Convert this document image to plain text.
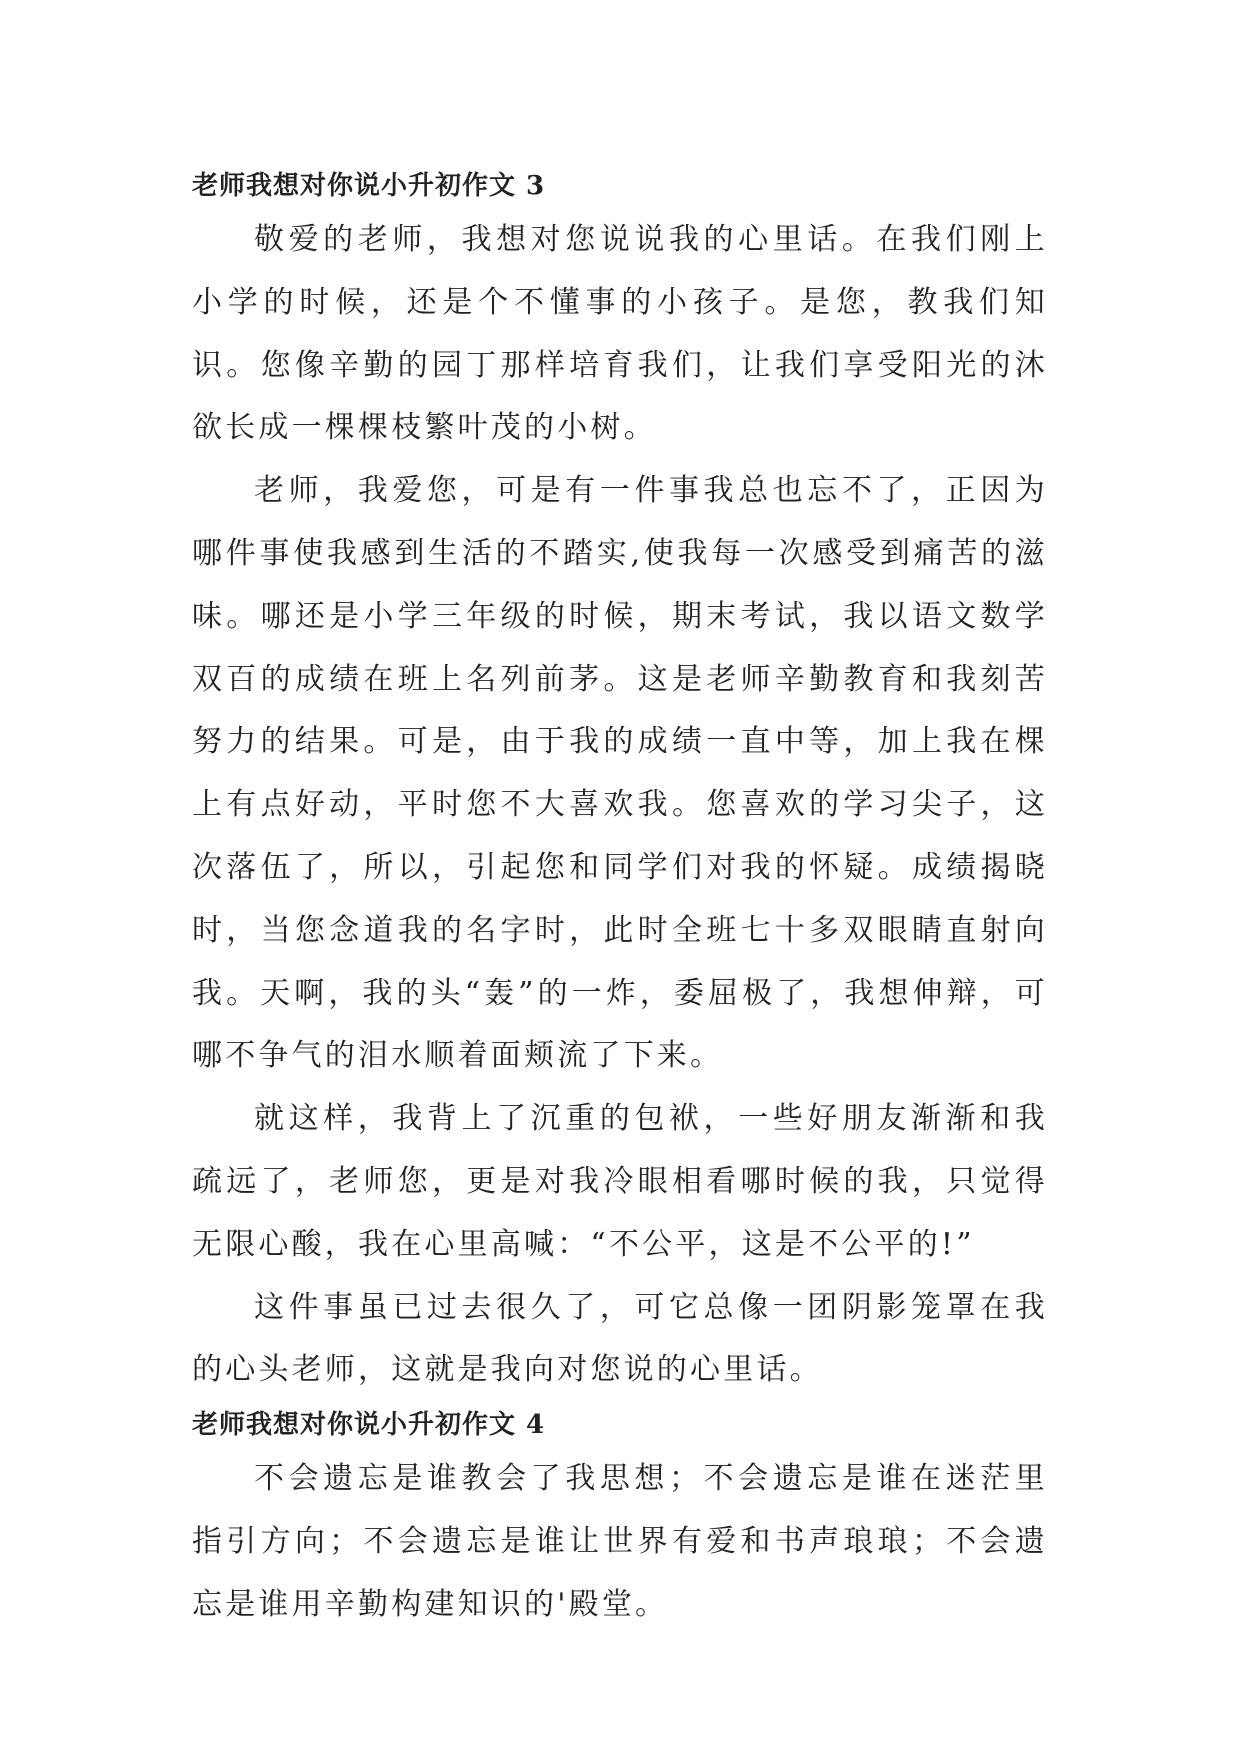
老师我想对你说小升初作文 3

敬爱的老师，我想对您说说我的心里话。在我们刚上小学的时候，还是个不懂事的小孩子。是您，教我们知识。您像辛勤的园丁那样培育我们，让我们享受阳光的沐欲长成一棵棵枝繁叶茂的小树。

老师，我爱您，可是有一件事我总也忘不了，正因为哪件事使我感到生活的不踏实,使我每一次感受到痛苦的滋味。哪还是小学三年级的时候，期末考试，我以语文数学双百的成绩在班上名列前茅。这是老师辛勤教育和我刻苦努力的结果。可是，由于我的成绩一直中等，加上我在棵上有点好动，平时您不大喜欢我。您喜欢的学习尖子，这次落伍了，所以，引起您和同学们对我的怀疑。成绩揭晓时，当您念道我的名字时，此时全班七十多双眼睛直射向我。天啊，我的头“轰”的一炸，委屈极了，我想伸辩，可哪不争气的泪水顺着面颊流了下来。

就这样，我背上了沉重的包袱，一些好朋友渐渐和我疏远了，老师您，更是对我冷眼相看哪时候的我，只觉得无限心酸，我在心里高喊：“不公平，这是不公平的!”

这件事虽已过去很久了，可它总像一团阴影笼罩在我的心头老师，这就是我向对您说的心里话。

老师我想对你说小升初作文 4

不会遗忘是谁教会了我思想；不会遗忘是谁在迷茫里指引方向；不会遗忘是谁让世界有爱和书声琅琅；不会遗忘是谁用辛勤构建知识的'殿堂。
